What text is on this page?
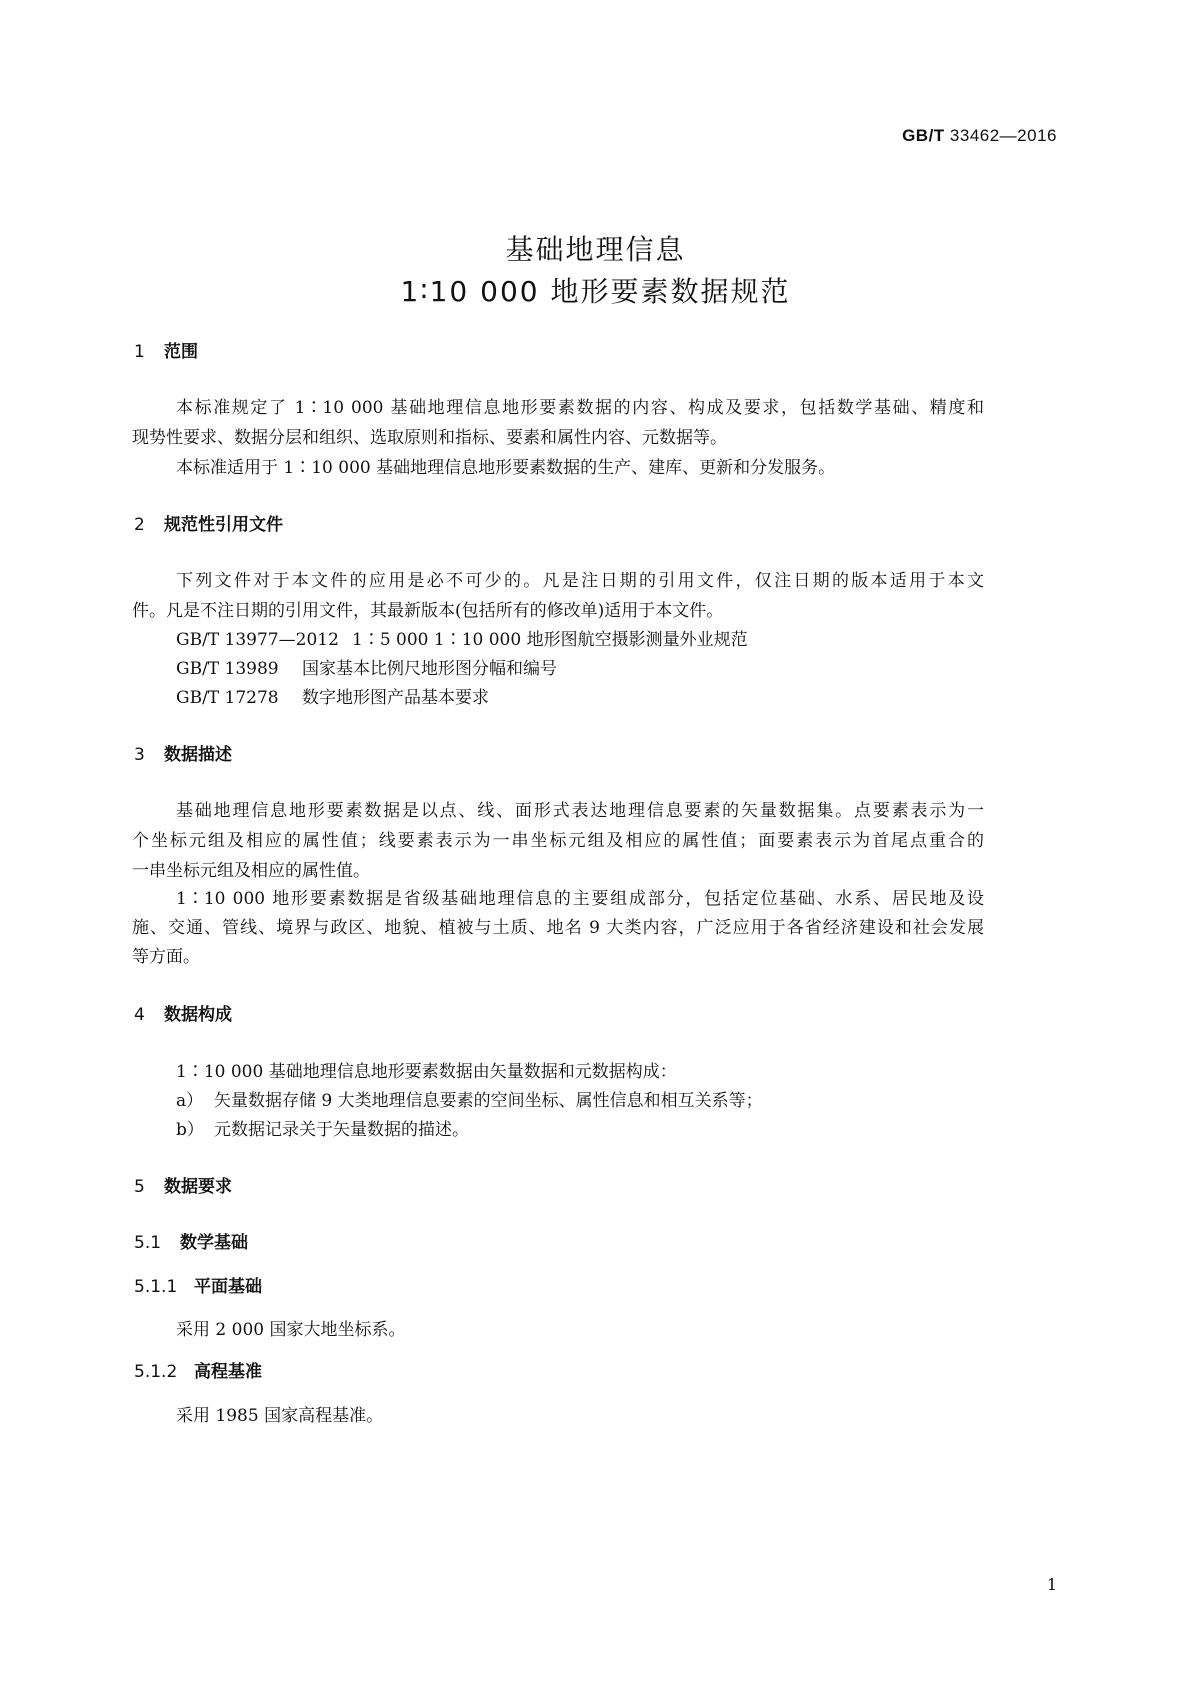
GB/T 33462—2016
基础地理信息
1∶10 000 地形要素数据规范
1 范围
本标准规定了 1∶10 000 基础地理信息地形要素数据的内容、构成及要求，包括数学基础、精度和
现势性要求、数据分层和组织、选取原则和指标、要素和属性内容、元数据等。
本标准适用于 1∶10 000 基础地理信息地形要素数据的生产、建库、更新和分发服务。
2 规范性引用文件
下列文件对于本文件的应用是必不可少的。凡是注日期的引用文件，仅注日期的版本适用于本文
件。凡是不注日期的引用文件，其最新版本(包括所有的修改单)适用于本文件。
GB/T 13977—2012 1∶5 000 1∶10 000 地形图航空摄影测量外业规范
GB/T 13989 国家基本比例尺地形图分幅和编号
GB/T 17278 数字地形图产品基本要求
3 数据描述
基础地理信息地形要素数据是以点、线、面形式表达地理信息要素的矢量数据集。点要素表示为一
个坐标元组及相应的属性值；线要素表示为一串坐标元组及相应的属性值；面要素表示为首尾点重合的
一串坐标元组及相应的属性值。
1∶10 000 地形要素数据是省级基础地理信息的主要组成部分，包括定位基础、水系、居民地及设
施、交通、管线、境界与政区、地貌、植被与土质、地名 9 大类内容，广泛应用于各省经济建设和社会发展
等方面。
4 数据构成
1∶10 000 基础地理信息地形要素数据由矢量数据和元数据构成：
a） 矢量数据存储 9 大类地理信息要素的空间坐标、属性信息和相互关系等；
b） 元数据记录关于矢量数据的描述。
5 数据要求
5.1 数学基础
5.1.1 平面基础
采用 2 000 国家大地坐标系。
5.1.2 高程基准
采用 1985 国家高程基准。
1
